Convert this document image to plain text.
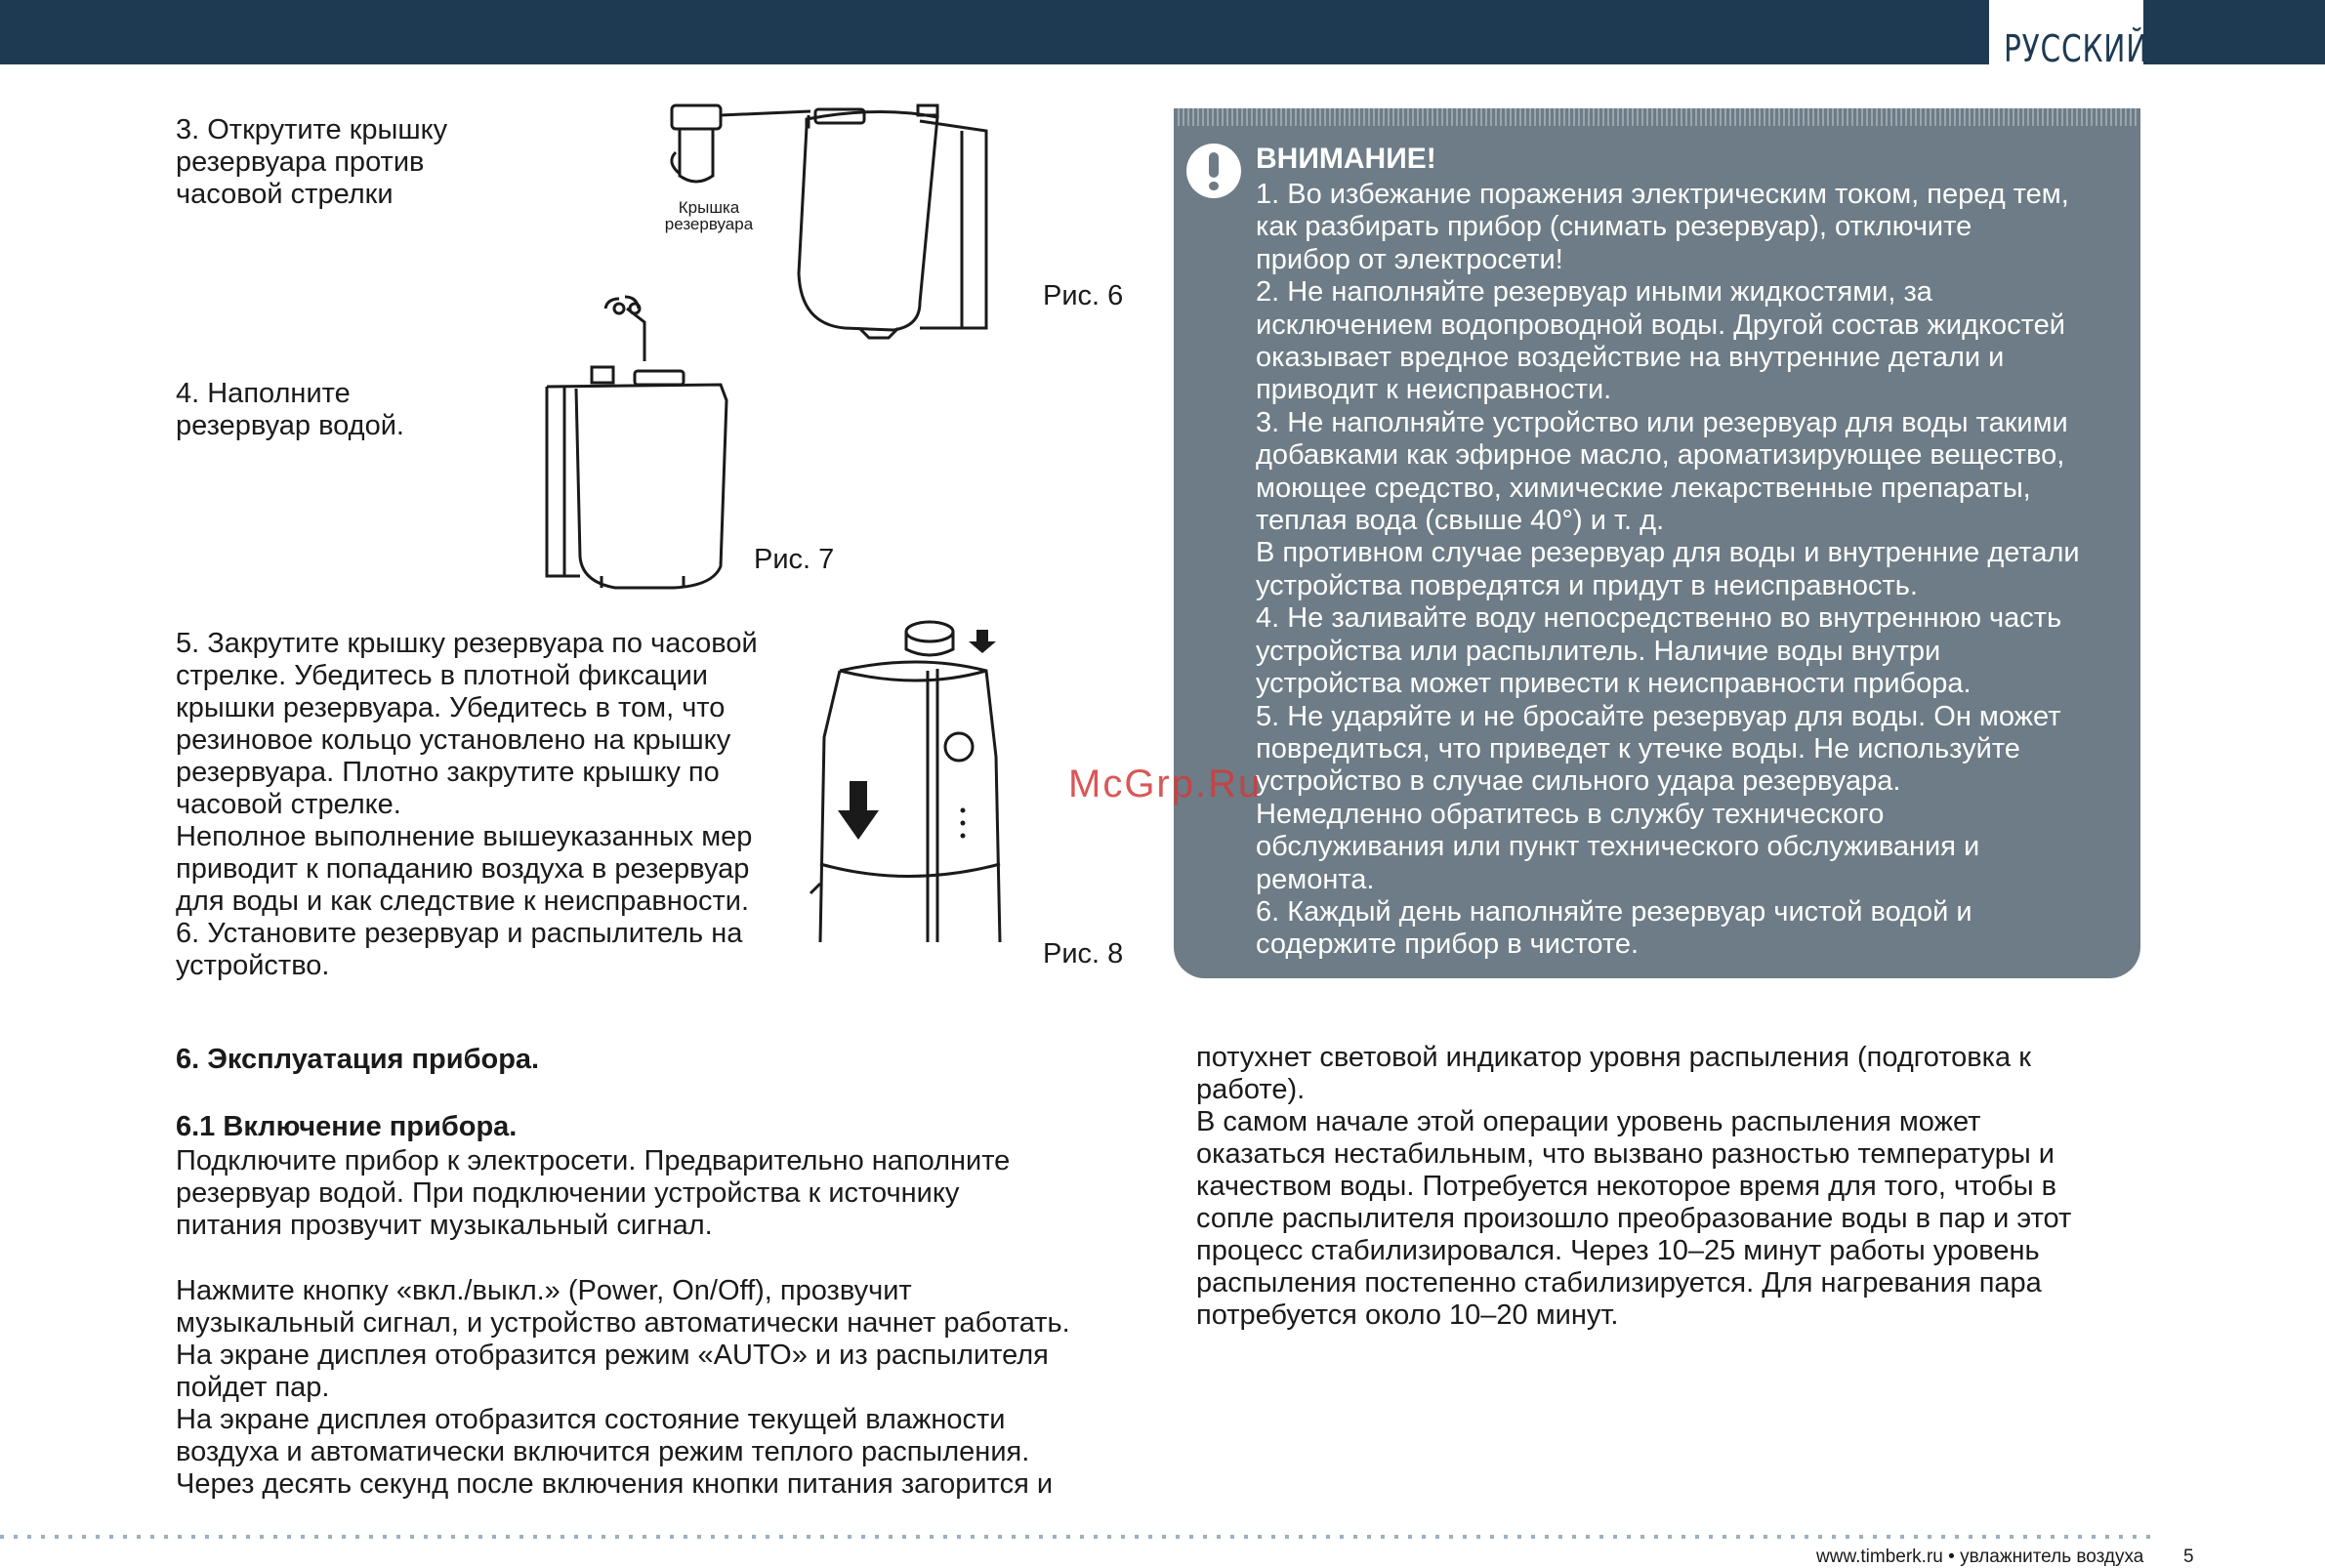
РУССКИЙ

3. Открутите крышку
резервуара против
часовой стрелки	Крышка
резервуара
Рис. 6

4. Наполните
резервуар водой.

Рис. 7

5. Закрутите крышку резервуара по часовой
стрелке. Убедитесь в плотной фиксации
крышки резервуара. Убедитесь в том, что
резиновое кольцо установлено на крышку
резервуара. Плотно закрутите крышку по
часовой стрелке.
Неполное выполнение вышеуказанных мер
приводит к попаданию воздуха в резервуар
для воды и как следствие к неисправности.
6. Установите резервуар и распылитель на
устройство.	Рис. 8
ВНИМАНИЕ!

1. Во избежание поражения электрическим током, перед тем,
как разбирать прибор (снимать резервуар), отключите
прибор от электросети!
2. Не наполняйте резервуар иными жидкостями, за
исключением водопроводной воды. Другой состав жидкостей
оказывает вредное воздействие на внутренние детали и
приводит к неисправности.
3. Не наполняйте устройство или резервуар для воды такими
добавками как эфирное масло, ароматизирующее вещество,
моющее средство, химические лекарственные препараты,
теплая вода (свыше 40°) и т. д.
В противном случае резервуар для воды и внутренние детали
устройства повредятся и придут в неисправность.
4. Не заливайте воду непосредственно во внутреннюю часть
устройства или распылитель. Наличие воды внутри
устройства может привести к неисправности прибора.
5. Не ударяйте и не бросайте резервуар для воды. Он может
повредиться, что приведет к утечке воды. Не используйте
устройство в случае сильного удара резервуара.
Немедленно обратитесь в службу технического
обслуживания или пункт технического обслуживания и
ремонта.
6. Каждый день наполняйте резервуар чистой водой и
содержите прибор в чистоте.

McGrp.Ru
6. Эксплуатация прибора.
6.1 Включение прибора.

Подключите прибор к электросети. Предварительно наполните
резервуар водой. При подключении устройства к источнику
питания прозвучит музыкальный сигнал.

Нажмите кнопку «вкл./выкл.» (Power, On/Off), прозвучит
музыкальный сигнал, и устройство автоматически начнет работать.
На экране дисплея отобразится режим «AUTO» и из распылителя
пойдет пар.
На экране дисплея отобразится состояние текущей влажности
воздуха и автоматически включится режим теплого распыления.
Через десять секунд после включения кнопки питания загорится и

потухнет световой индикатор уровня распыления (подготовка к
работе).
В самом начале этой операции уровень распыления может
оказаться нестабильным, что вызвано разностью температуры и
качеством воды. Потребуется некоторое время для того, чтобы в
сопле распылителя произошло преобразование воды в пар и этот
процесс стабилизировался. Через 10–25 минут работы уровень
распыления постепенно стабилизируется. Для нагревания пара
потребуется около 10–20 минут.

www.timberk.ru • увлажнитель воздуха 5
